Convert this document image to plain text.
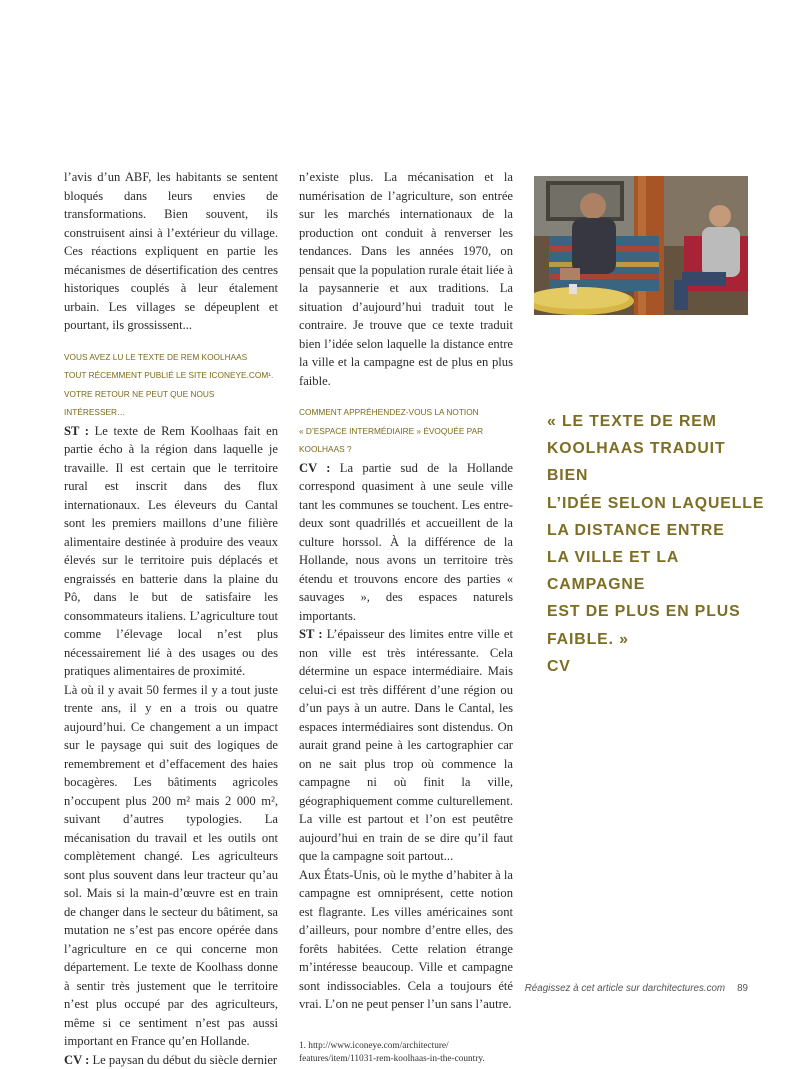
l’avis d’un ABF, les habitants se sentent bloqués dans leurs envies de transformations. Bien souvent, ils construisent ainsi à l’extérieur du village. Ces réactions expliquent en partie les mécanismes de désertification des centres historiques couplés à leur étalement urbain. Les villages se dépeuplent et pourtant, ils grossissent...

VOUS AVEZ LU LE TEXTE DE REM KOOLHAAS
TOUT RÉCEMMENT PUBLIÉ LE SITE ICONEYE.COM¹.
VOTRE RETOUR NE PEUT QUE NOUS INTÉRESSER…

ST : Le texte de Rem Koolhaas fait en partie écho à la région dans laquelle je travaille. Il est certain que le territoire rural est inscrit dans des flux internationaux. Les éleveurs du Cantal sont les premiers maillons d’une filière alimentaire destinée à produire des veaux élevés sur le territoire puis déplacés et engraissés en batterie dans la plaine du Pô, dans le but de satisfaire les consommateurs italiens. L’agriculture tout comme l’élevage local n’est plus nécessairement lié à des usages ou des pratiques alimentaires de proximité.

Là où il y avait 50 fermes il y a tout juste trente ans, il y en a trois ou quatre aujourd’hui. Ce changement a un impact sur le paysage qui suit des logiques de remembrement et d’effacement des haies bocagères. Les bâtiments agricoles n’occupent plus 200 m² mais 2 000 m², suivant d’autres typologies. La mécanisation du travail et les outils ont complètement changé. Les agriculteurs sont plus souvent dans leur tracteur qu’au sol. Mais si la main-d’œuvre est en train de changer dans le secteur du bâtiment, sa mutation ne s’est pas encore opérée dans l’agriculture en ce qui concerne mon département. Le texte de Koolhass donne à sentir très justement que le territoire n’est plus occupé par des agriculteurs, même si ce sentiment n’est pas aussi important en France qu’en Hollande.

CV : Le paysan du début du siècle dernier

n’existe plus. La mécanisation et la numérisation de l’agriculture, son entrée sur les marchés internationaux de la production ont conduit à renverser les tendances. Dans les années 1970, on pensait que la population rurale était liée à la paysannerie et aux traditions. La situation d’aujourd’hui traduit tout le contraire. Je trouve que ce texte traduit bien l’idée selon laquelle la distance entre la ville et la campagne est de plus en plus faible.

COMMENT APPRÉHENDEZ-VOUS LA NOTION
« D’ESPACE INTERMÉDIAIRE » ÉVOQUÉE PAR KOOLHAAS ?

CV : La partie sud de la Hollande correspond quasiment à une seule ville tant les communes se touchent. Les entre-deux sont quadrillés et accueillent de la culture horssol. À la différence de la Hollande, nous avons un territoire très étendu et trouvons encore des parties « sauvages », des espaces naturels importants.

ST : L’épaisseur des limites entre ville et non ville est très intéressante. Cela détermine un espace intermédiaire. Mais celui-ci est très différent d’une région ou d’un pays à un autre. Dans le Cantal, les espaces intermédiaires sont distendus. On aurait grand peine à les cartographier car on ne sait plus trop où commence la campagne ni où finit la ville, géographiquement comme culturellement. La ville est partout et l’on est peutêtre aujourd’hui en train de se dire qu’il faut que la campagne soit partout...

Aux États-Unis, où le mythe d’habiter à la campagne est omniprésent, cette notion est flagrante. Les villes américaines sont d’ailleurs, pour nombre d’entre elles, des forêts habitées. Cette relation étrange m’intéresse beaucoup. Ville et campagne sont indissociables. Cela a toujours été vrai. L’on ne peut penser l’un sans l’autre.

1. http://www.iconeye.com/architecture/
features/item/11031-rem-koolhaas-in-the-country.
« LE TEXTE DE REM
KOOLHAAS TRADUIT BIEN
L’IDÉE SELON LAQUELLE
LA DISTANCE ENTRE
LA VILLE ET LA CAMPAGNE
EST DE PLUS EN PLUS
FAIBLE. »
CV
Réagissez à cet article sur darchitectures.com 89
